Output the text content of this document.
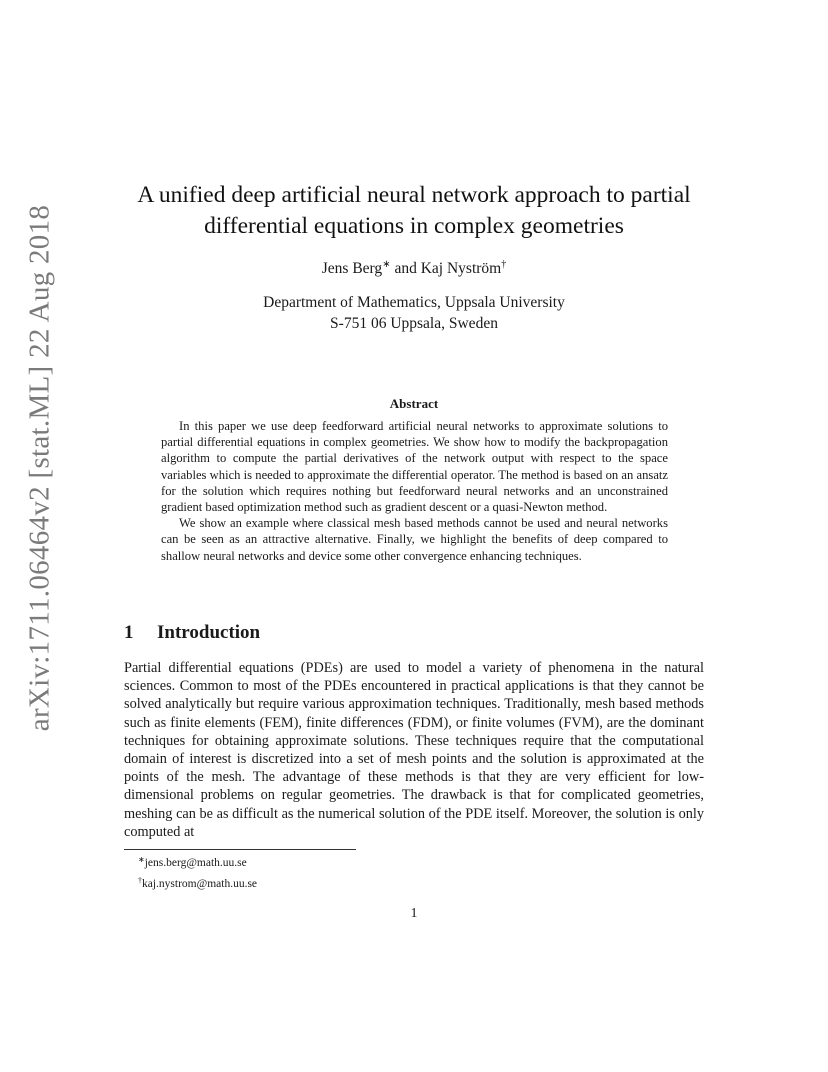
arXiv:1711.06464v2 [stat.ML] 22 Aug 2018
A unified deep artificial neural network approach to partial
differential equations in complex geometries
Jens Berg∗ and Kaj Nyström†
Department of Mathematics, Uppsala University
S-751 06 Uppsala, Sweden
Abstract

In this paper we use deep feedforward artificial neural networks to approximate solutions to partial differential equations in complex geometries. We show how to modify the backpropagation algorithm to compute the partial derivatives of the network output with respect to the space variables which is needed to approximate the differential operator. The method is based on an ansatz for the solution which requires nothing but feedforward neural networks and an unconstrained gradient based optimization method such as gradient descent or a quasi-Newton method.

We show an example where classical mesh based methods cannot be used and neural networks can be seen as an attractive alternative. Finally, we highlight the benefits of deep compared to shallow neural networks and device some other convergence enhancing techniques.

1 Introduction

Partial differential equations (PDEs) are used to model a variety of phenomena in the natural sciences. Common to most of the PDEs encountered in practical applications is that they cannot be solved analytically but require various approximation techniques. Traditionally, mesh based methods such as finite elements (FEM), finite differences (FDM), or finite volumes (FVM), are the dominant techniques for obtaining approximate solutions. These techniques require that the computational domain of interest is discretized into a set of mesh points and the solution is approximated at the points of the mesh. The advantage of these methods is that they are very efficient for low-dimensional problems on regular geometries. The drawback is that for complicated geometries, meshing can be as difficult as the numerical solution of the PDE itself. Moreover, the solution is only computed at

∗jens.berg@math.uu.se
†kaj.nystrom@math.uu.se
1
